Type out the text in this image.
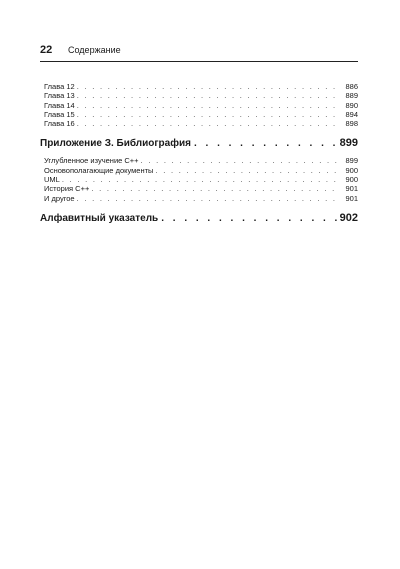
22	Содержание
Глава 12 . . .	886
Глава 13 . . .	889
Глава 14 . . .	890
Глава 15 . . .	894
Глава 16 . . .	898
Приложение З. Библиография . . .	899
Углубленное изучение C++ . . .	899
Основополагающие документы . . .	900
UML . . .	900
История С++ . . .	901
И другое . . .	901
Алфавитный указатель . . .	902
